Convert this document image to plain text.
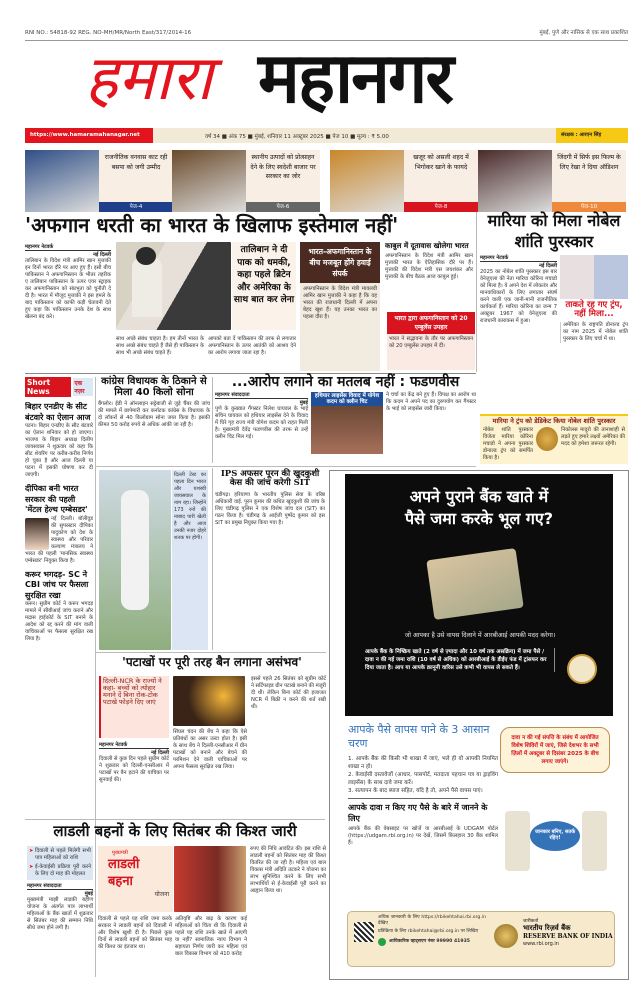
RNI NO.: 54818-92 REG. NO-MH/MR/North East/317/2014-16	मुंबई, पुणे और नासिक से एक साथ प्रकाशित
हमारा महानगर
https://www.hamaramahanagar.net	वर्ष 34 ■ अंक 75 ■ मुंबई, शनिवार 11 अक्टूबर 2025 ■ पेज 10 ■ मूल्य : ₹ 5.00	संरक्षक : आरएन सिंह
राजनीतिक वनवास काट रही बसपा को जगी उम्मीद
पेज-4
स्थानीय उत्पादों को प्रोत्साहन देने के लिए स्वदेशी बाजार पर सरकार का जोर
पेज-6
खजूर को असली शहद में भिगोकर खाने के फायदे
पेज-8
जिंदगी में सिर्फ इस फिल्म के लिए रेखा ने दिया ऑडिशन
पेज-10
'अफगान धरती का भारत के खिलाफ इस्तेमाल नहीं'
महानगर नेटवर्क
नई दिल्ली
तालिबान के विदेश मंत्री आमिर खान मुत्ताकी इन दिनों भारत दौरे पर आए हुए हैं। इसी बीच पाकिस्तान ने अफगानिस्तान के भीतर तहरीक ए तालिबान पाकिस्तान के ऊपर एयर स्ट्राइक कर अफगानिस्तान को संप्रभुता को चुनौती दे दी है। भारत में मौजूद मुत्ताकी ने इस हमले के बाद पाकिस्तान को काफी कड़ी चेतावनी देते हुए कहा कि पाकिस्तान उनके देश के साथ खेलना बंद करे।
तालिबान ने दी पाक को धमकी, कहा पहले ब्रिटेन और अमेरिका के साथ बात कर लेना
साथ अच्छे संबंध चाहता है। हम तीनों भारत के साथ अच्छे संबंध चाहते हैं जैसे ही पाकिस्तान के साथ भी अच्छे संबंध चाहते हैं।
आपको बता दें पाकिस्तान की तरफ से लगातार अफगानिस्तान के ऊपर आतंकी को आश्रय देने का आरोप लगाया जाता रहा है।
भारत-अफगानिस्तान के बीच मजबूत होंगे हवाई संपर्क
अफगानिस्तान के विदेश मंत्री मावलवी आमिर खान मुत्ताकी ने कहा है कि वह भारत की राजधानी दिल्ली में अपना बेहद खुश हैं। यह उनका भारत का पहला दौरा है।
काबुल में दूतावास खोलेगा भारत
अफगानिस्तान के विदेश मंत्री आमिर खान मुत्ताकी भारत के ऐतिहासिक दौरे पर हैं। मुत्ताकी की विदेश मंत्री एस जयशंकर और मुत्ताकी के बीच बैठक आज काबुल हुई।
भारत द्वारा अफगानिस्तान को 20 एम्बुलेंस उपहार
भारत ने सद्भावना के तौर पर अफगानिस्तान को 20 एम्बुलेंस उपहार में दीं।
मारिया को मिला नोबेल शांति पुरस्कार
महानगर नेटवर्क
नई दिल्ली
2025 का नोबेल शांति पुरस्कार इस बार वेनेजुएला की नेता मारिया कोरिना मचाडो को मिला है। ये अपने देश में लोकतंत्र और मानवाधिकारों के लिए लगातार संघर्ष करने वाली एक जानी-मानी राजनीतिक कार्यकर्ता हैं। मारिया कोरिना का जन्म 7 अक्टूबर 1967 को वेनेजुएला की राजधानी काराकस में हुआ।
ताकते रह गए ट्रंप, नहीं मिला...
अमेरिका के राष्ट्रपति डोनाल्ड ट्रंप का नाम 2025 में नोबेल शांति पुरस्कार के लिए चर्चा में था।
मारिया ने ट्रंप को डेडिकेट किया नोबेल शांति पुरस्कार
नोबेल शांति पुरस्कार विजेता मारिया कोरिना मचाडो ने अपना पुरस्कार डोनाल्ड ट्रंप को समर्पित किया है।
निकोलस मादुरो की तानाशाही से लड़ते हुए हमारे लक्ष्यों अमेरिका की मदद को हमेशा जरूरत रहेगी।
Short News
एक नज़र
बिहार एनडीए के सीट बंटवारे का ऐलान आज
पटना। बिहार एनडीए के सीट बंटवारे का ऐलान शनिवार को हो जाएगा। भाजपा के बिहार अध्यक्ष दिलीप जायसवाल ने शुक्रवार को कहा कि सीट शेयरिंग पर करीब-करीब निर्णय हो चुका है और आज दिल्ली या पटना में इसकी घोषणा कर दी जाएगी।
दीपिका बनी भारत सरकार की पहली 'मेंटल हेल्थ एम्बेसडर'
नई दिल्ली। बॉलीवुड की सुपरस्टार दीपिका पादुकोण को देश के स्वास्थ्य और परिवार कल्याण मंत्रालय ने भारत की पहली 'मानसिक स्वास्थ्य एम्बेसडर' नियुक्त किया है।
करूर भगदड़- SC ने CBI जांच पर फैसला सुरक्षित रखा
करूर। सुप्रीम कोर्ट ने करूर भगदड़ मामले में सीबीआई जांच कराने और मद्रास हाईकोर्ट के SIT बनाने के आदेश को रद्द करने की मांग वाली याचिकाओं पर फैसला सुरक्षित रख लिया है।
कांग्रेस विधायक के ठिकाने से मिला 40 किलो सोना
बैंगलोर। ईडी ने ऑनलाइन सट्टेबाजी से जुड़े चैंबर की जांच की मामले में छापेमारी कर कर्नाटक कांग्रेस के विधायक के दो लॉकरों से 40 किलोग्राम सोना जब्त किया है। इसकी कीमत 50 करोड़ रुपये से अधिक आंकी जा रही है।
...आरोप लगाने का मतलब नहीं : फडणवीस
महानगर संवाददाता
मुंबई
पुणे के कुख्यात गैंगस्टर निलेश घायवल के भाई सचिन घायवल को हथियार लाइसेंस देने के विवाद में घिरे गृह राज्य मंत्री योगेश कदम को राहत मिली है। मुख्यमंत्री देवेंद्र फडणवीस की तरफ से उन्हें क्लीन चिट मिल गई।
हथियार लाइसेंस विवाद में योगेश कदम को क्लीन चिट
ने चर्चा का केंद्र बने हुए हैं। विपक्ष का आरोप था कि कदम ने अपने पद का दुरुपयोग कर गैंगस्टर के भाई को लाइसेंस जारी किया।
दिल्ली टेस्ट का पहला दिन भारत और यशस्वी जायसवाल के नाम रहा। जिन्होंने 173 रनों की नाबाद पारी खेली है और आज उनकी नजर दोहरे शतक पर होगी।
IPS अफसर पूरन की खुदकुशी केस की जांच करेगी SIT
चंडीगढ़। हरियाणा के भारतीय पुलिस सेवा के वरिष्ठ अधिकारी वाई. पूरन कुमार की कथित खुदकुशी की जांच के लिए चंडीगढ़ पुलिस ने एक विशेष जांच दल (SIT) का गठन किया है। चंडीगढ़ के आईजी पुष्पेंद्र कुमार को इस SIT का प्रमुख नियुक्त किया गया है।
'पटाखों पर पूरी तरह बैन लगाना असंभव'
दिल्ली-NCR के राज्यों ने कहा- बच्चों को त्योहार मनाने दें बिना रोक-टोक पटाखे फोड़ने दिए जाएं
सिंघल चंदन की बेंच ने कहा कि ऐसे प्रतिबंधों का असर उल्टा होता है। इसी के साथ बेंच ने दिल्ली-एनसीआर में ग्रीन पटाखों को बनाने और बेचने की परमिशन देने वाली याचिकाओं पर अपना फैसला सुरक्षित रख लिया।
इससे पहले 26 सितंबर को सुप्रीम कोर्ट ने सर्टिफाइड ग्रीन पटाखे बनाने की मंजूरी दी थी। लेकिन बिना कोर्ट की इजाजत NCR में बिक्री न करने की शर्त रखी थी।
महानगर नेटवर्क
नई दिल्ली
दिवाली से कुछ दिन पहले सुप्रीम कोर्ट ने शुक्रवार को दिल्ली-एनसीआर में पटाखों पर बैन हटाने की याचिका पर सुनवाई की।
लाडली बहनों के लिए सितंबर की किश्त जारी
➤ दिवाली से पहले मिलेगी सभी पात्र महिलाओं को राशि
➤ ई-केवाईसी प्रक्रिया पूरी करने के लिए दो माह की मोहलत
महानगर संवाददाता
मुंबई
मुख्यमंत्री माझी लाडकी बहीण योजना के अंतर्गत पात्र लाभार्थी महिलाओं के बैंक खातों में शुक्रवार से सितंबर माह की सम्मान निधि सीधे जमा होने लगी है।
मुख्यमंत्री
लाडली बहना
योजना
रुपए की निधि आवंटित की। इस राशि से लाडली बहनों को सितंबर माह की किश्त वितरित की जा रही है। महिला एवं बाल विकास मंत्री अदिति तटकरे ने योजना का लाभ सुनिश्चित करने के लिए सभी लाभार्थियों से ई-केवाईसी पूरी करने का आह्वान किया था।
दिवाली से पहले यह राशि जमा करके सरकार ने लाडली बहनों को दिवाली में और विशेष खुशी दी है। पिछले कुछ दिनों से लाडली बहनों को सितंबर माह की किश्त का इंतजार था।
अतिवृष्टि और बाढ़ के कारण कई महिलाओं को चिंता थी कि दिवाली से पहले यह राशि उनके खाते में आएगी या नहीं? सामाजिक न्याय विभाग ने सहायता निर्णय जारी कर महिला एवं बाल विकास विभाग को 410 करोड़
अपने पुराने बैंक खाते में
पैसे जमा करके भूल गए?
जो आपका है उसे वापस दिलाने में आरबीआई आपकी मदद करेगा।
आपके बैंक के निष्क्रिय खाते (2 वर्ष से ज़्यादा और 10 वर्ष तक असक्रिय) में जमा पैसे / दावा न की गई जमा राशि (10 वर्ष से अधिक) को आरबीआई के डीईए फंड में ट्रांसफर कर दिया जाता है। आप या आपके क़ानूनी वारिस उसे कभी भी वापस ले सकते हैं।
आपके पैसे वापस पाने के 3 आसान चरण
1. आपके बैंक की किसी भी शाखा में जाएं, भले ही वो आपकी नियमित शाखा न हो।
2. केवाईसी दस्तावेजों (आधार, पासपोर्ट, मतदाता पहचान पत्र या ड्राइविंग लाइसेंस) के साथ दावे जमा करें।
3. सत्यापन के बाद ब्याज सहित, यदि है तो, अपने पैसे वापस पाएं।
आपके दावा न किए गए पैसे के बारे में जानने के लिए
आपके बैंक की वेबसाइट पर खोजें या आरबीआई के UDGAM पोर्टल (https://udgam.rbi.org.in) पर देखें, जिसमें फ़िलहाल 30 बैंक शामिल हैं।
दावा न की गई संपत्ति के संबंध में आयोजित विशेष शिविरों में जाएं, जिसे देशभर के सभी ज़िलों में अक्टूबर से दिसंबर 2025 के बीच लगाए जाएंगे।
जानकार बनिए, सतर्क रहिए!
अधिक जानकारी के लिए https://rbikehtahai.rbi.org.in देखिए
प्रतिक्रिया के लिए rbikehtahai@rbi.org.in पर लिखिए
आधिकारिक व्हाट्सएप नंबर 99990 41935
जारीकर्ता
भारतीय रिज़र्व बैंक
RESERVE BANK OF INDIA
www.rbi.org.in
